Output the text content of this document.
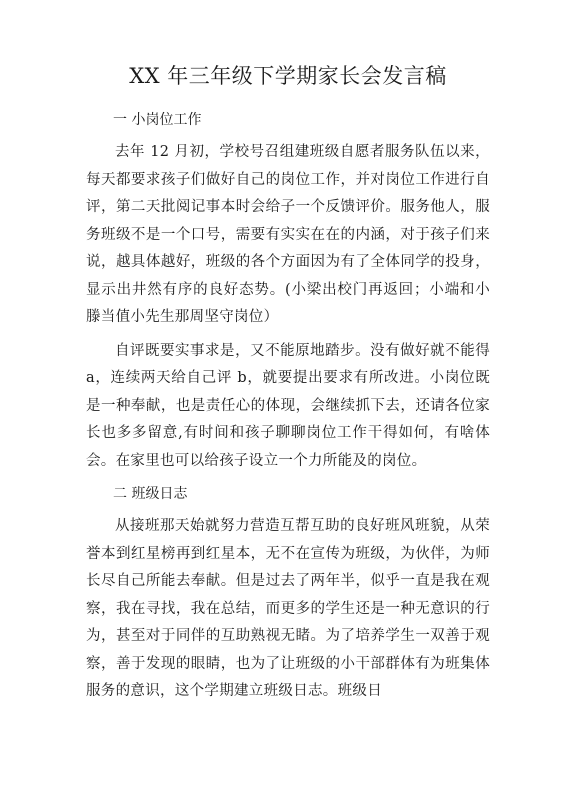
XX 年三年级下学期家长会发言稿

一 小岗位工作

去年 12 月初，学校号召组建班级自愿者服务队伍以来，每天都要求孩子们做好自己的岗位工作，并对岗位工作进行自评，第二天批阅记事本时会给子一个反馈评价。服务他人，服务班级不是一个口号，需要有实实在在的内涵，对于孩子们来说，越具体越好，班级的各个方面因为有了全体同学的投身，显示出井然有序的良好态势。(小梁出校门再返回；小端和小滕当值小先生那周坚守岗位）

自评既要实事求是，又不能原地踏步。没有做好就不能得 a，连续两天给自己评 b，就要提出要求有所改进。小岗位既是一种奉献，也是责任心的体现，会继续抓下去，还请各位家长也多多留意,有时间和孩子聊聊岗位工作干得如何，有啥体会。在家里也可以给孩子设立一个力所能及的岗位。

二 班级日志

从接班那天始就努力营造互帮互助的良好班风班貌，从荣誉本到红星榜再到红星本，无不在宣传为班级，为伙伴，为师长尽自己所能去奉献。但是过去了两年半，似乎一直是我在观察，我在寻找，我在总结，而更多的学生还是一种无意识的行为，甚至对于同伴的互助熟视无睹。为了培养学生一双善于观察，善于发现的眼睛，也为了让班级的小干部群体有为班集体服务的意识，这个学期建立班级日志。班级日
